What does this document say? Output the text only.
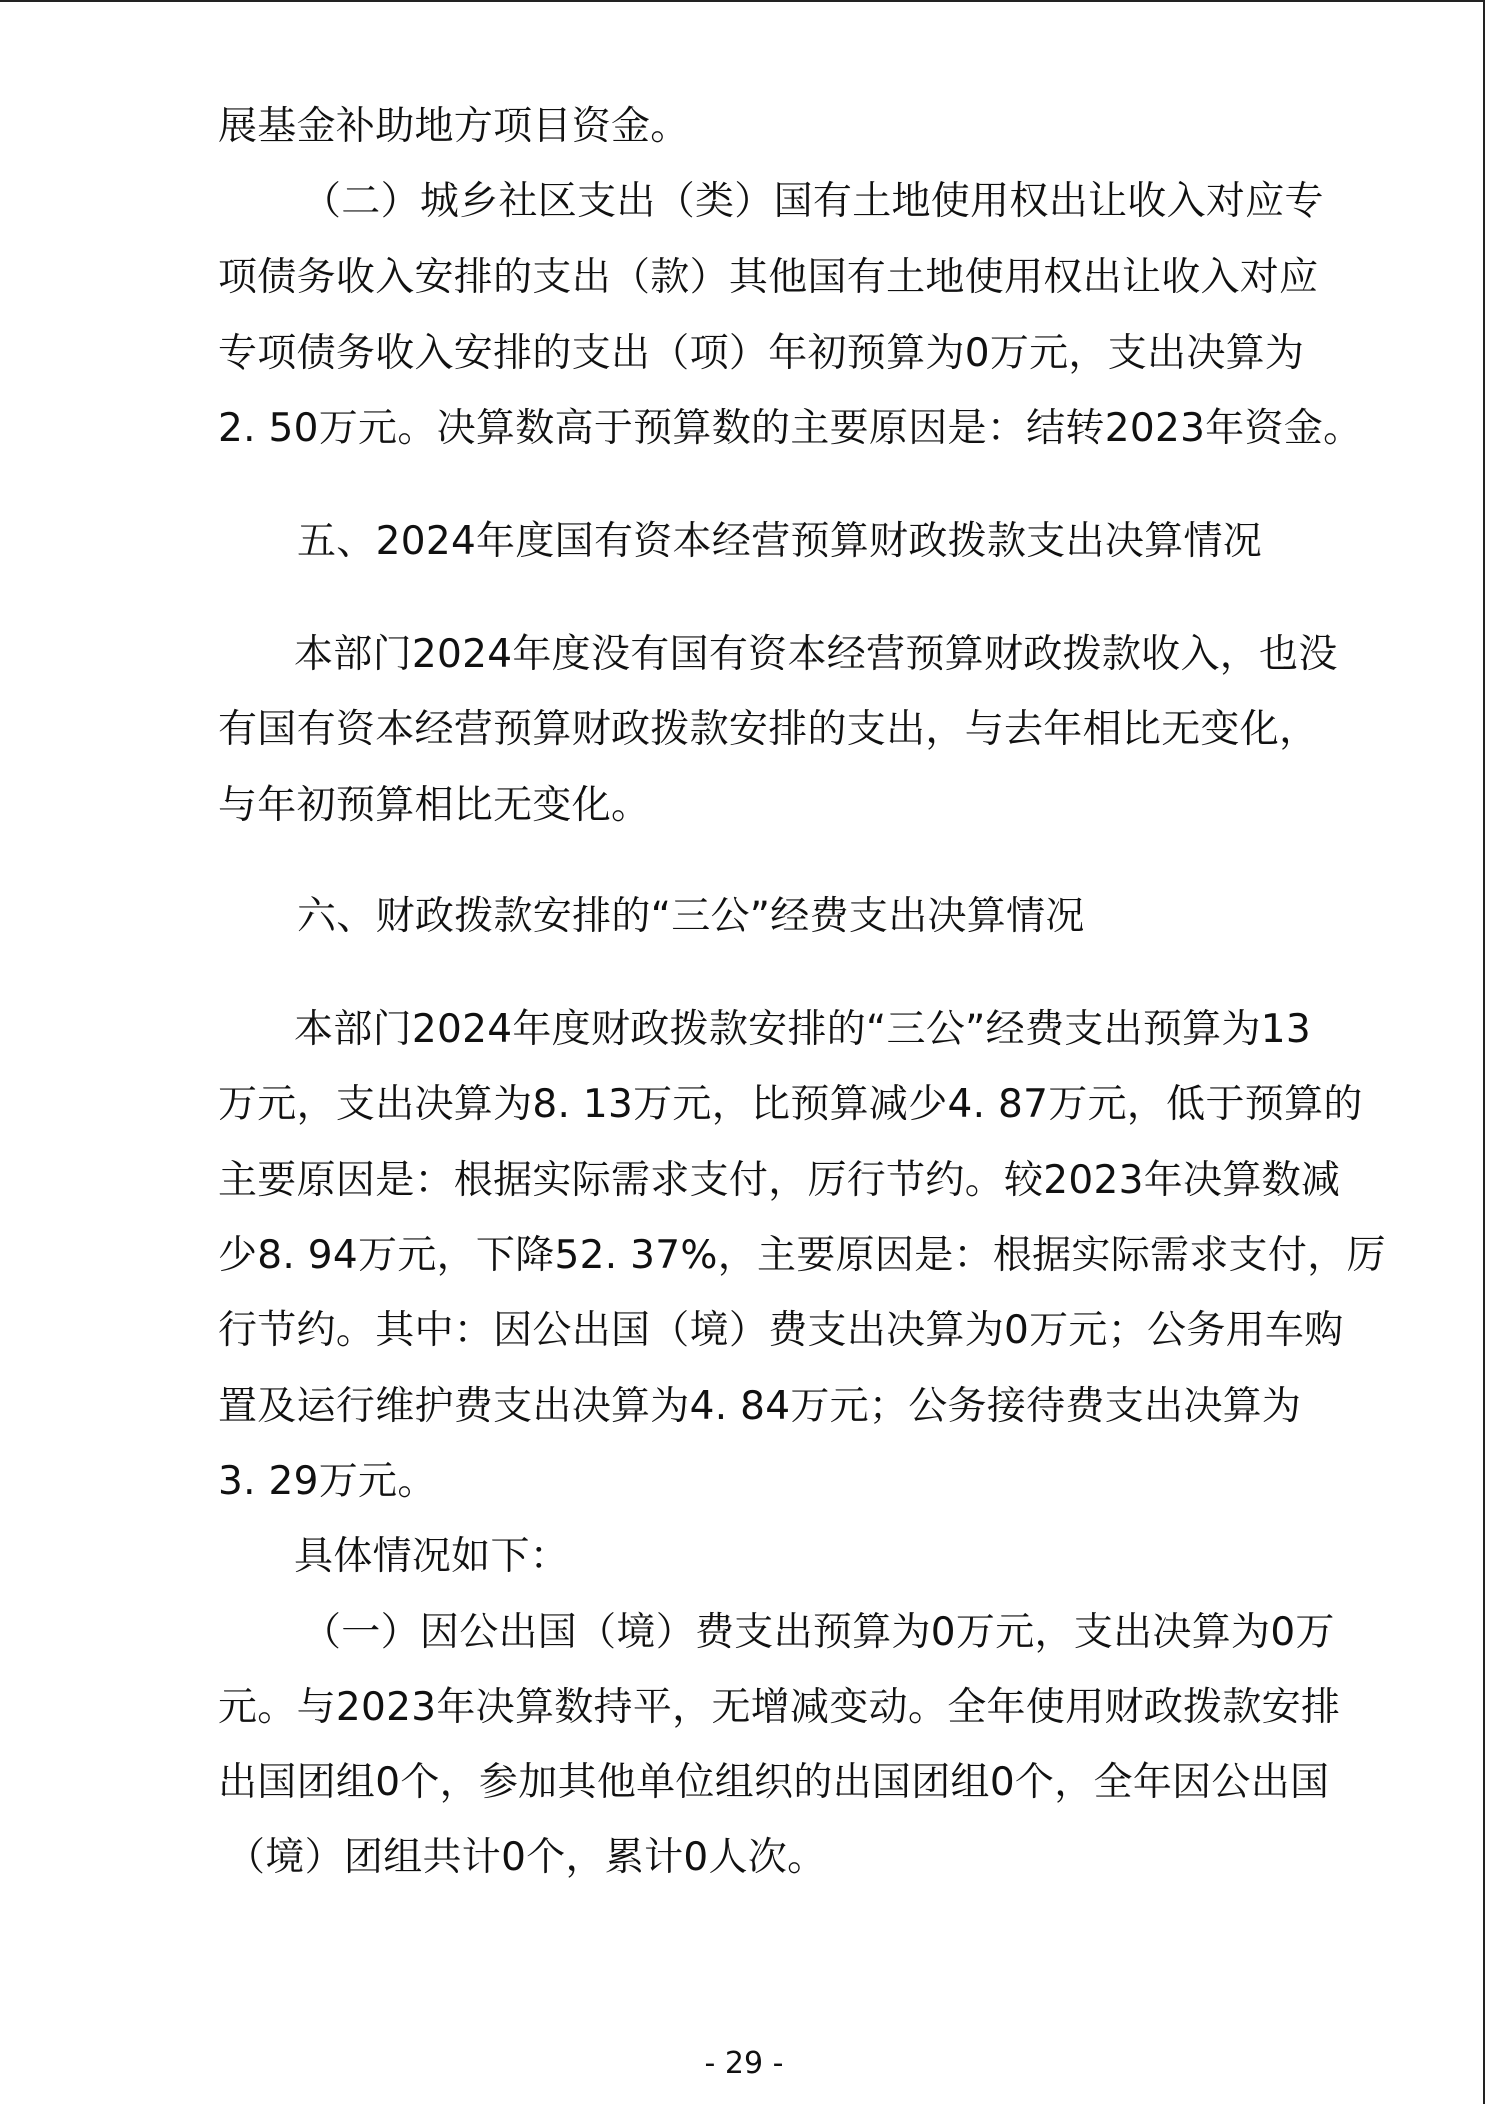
展基金补助地方项目资金。
（二）城乡社区支出（类）国有土地使用权出让收入对应专
项债务收入安排的支出（款）其他国有土地使用权出让收入对应
专项债务收入安排的支出（项）年初预算为0万元，支出决算为
2. 50万元。决算数高于预算数的主要原因是：结转2023年资金。
五、2024年度国有资本经营预算财政拨款支出决算情况
本部门2024年度没有国有资本经营预算财政拨款收入，也没
有国有资本经营预算财政拨款安排的支出，与去年相比无变化，
与年初预算相比无变化。
六、财政拨款安排的“三公”经费支出决算情况
本部门2024年度财政拨款安排的“三公”经费支出预算为13
万元，支出决算为8. 13万元，比预算减少4. 87万元，低于预算的
主要原因是：根据实际需求支付，厉行节约。较2023年决算数减
少8. 94万元，下降52. 37%，主要原因是：根据实际需求支付，厉
行节约。其中：因公出国（境）费支出决算为0万元；公务用车购
置及运行维护费支出决算为4. 84万元；公务接待费支出决算为
3. 29万元。
具体情况如下：
（一）因公出国（境）费支出预算为0万元，支出决算为0万
元。与2023年决算数持平，无增减变动。全年使用财政拨款安排
出国团组0个，参加其他单位组织的出国团组0个，全年因公出国
（境）团组共计0个，累计0人次。
- 29 -
